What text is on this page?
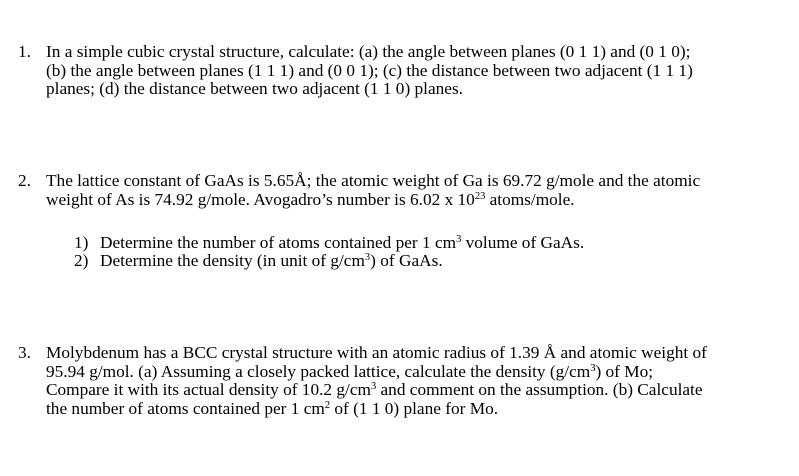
1. In a simple cubic crystal structure, calculate: (a) the angle between planes (0 1 1) and (0 1 0);
(b) the angle between planes (1 1 1) and (0 0 1); (c) the distance between two adjacent (1 1 1)
planes; (d) the distance between two adjacent (1 1 0) planes.
2. The lattice constant of GaAs is 5.65Å; the atomic weight of Ga is 69.72 g/mole and the atomic
weight of As is 74.92 g/mole. Avogadro’s number is 6.02 x $10^{23}$ atoms/mole.
1) Determine the number of atoms contained per 1 $cm^3$ volume of GaAs.
2) Determine the density (in unit of $g/cm^3$) of GaAs.
3. Molybdenum has a BCC crystal structure with an atomic radius of 1.39 Å and atomic weight of
95.94 g/mol. (a) Assuming a closely packed lattice, calculate the density $(g/cm^3)$ of Mo;
Compare it with its actual density of 10.2 $g/cm^3$ and comment on the assumption. (b) Calculate
the number of atoms contained per 1 $cm^2$ of (1 1 0) plane for Mo.
